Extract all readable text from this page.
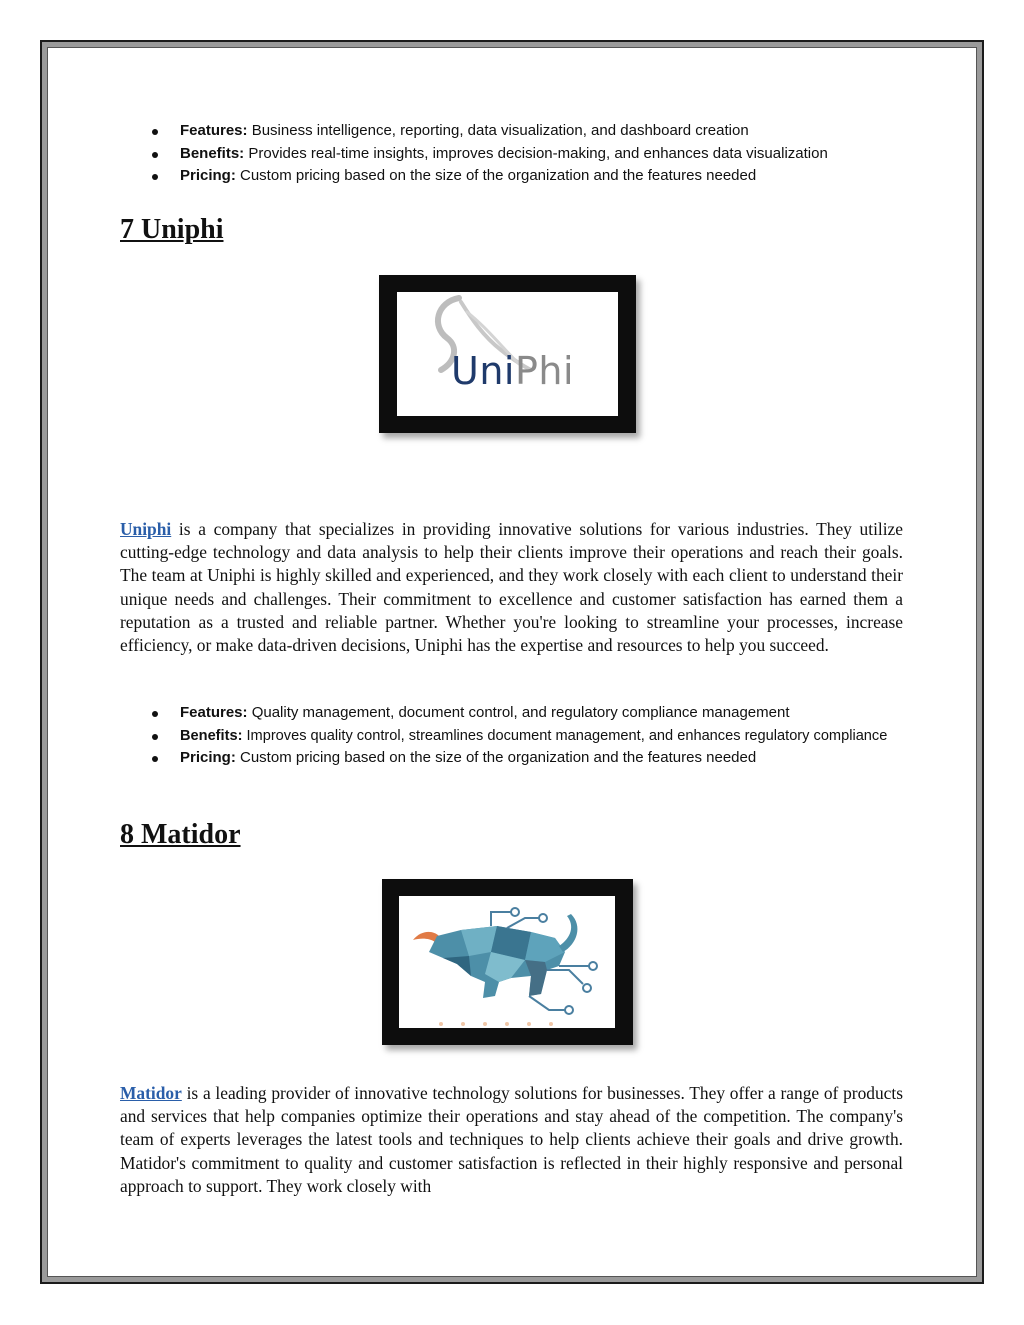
Features: Business intelligence, reporting, data visualization, and dashboard creation
Benefits: Provides real-time insights, improves decision-making, and enhances data visualization
Pricing: Custom pricing based on the size of the organization and the features needed
7 Uniphi
UniPhi

Uniphi is a company that specializes in providing innovative solutions for various industries. They utilize cutting-edge technology and data analysis to help their clients improve their operations and reach their goals. The team at Uniphi is highly skilled and experienced, and they work closely with each client to understand their unique needs and challenges. Their commitment to excellence and customer satisfaction has earned them a reputation as a trusted and reliable partner. Whether you're looking to streamline your processes, increase efficiency, or make data-driven decisions, Uniphi has the expertise and resources to help you succeed.

Features: Quality management, document control, and regulatory compliance management
Benefits: Improves quality control, streamlines document management, and enhances regulatory compliance
Pricing: Custom pricing based on the size of the organization and the features needed
8 Matidor

Matidor is a leading provider of innovative technology solutions for businesses. They offer a range of products and services that help companies optimize their operations and stay ahead of the competition. The company's team of experts leverages the latest tools and techniques to help clients achieve their goals and drive growth. Matidor's commitment to quality and customer satisfaction is reflected in their highly responsive and personal approach to support. They work closely with
